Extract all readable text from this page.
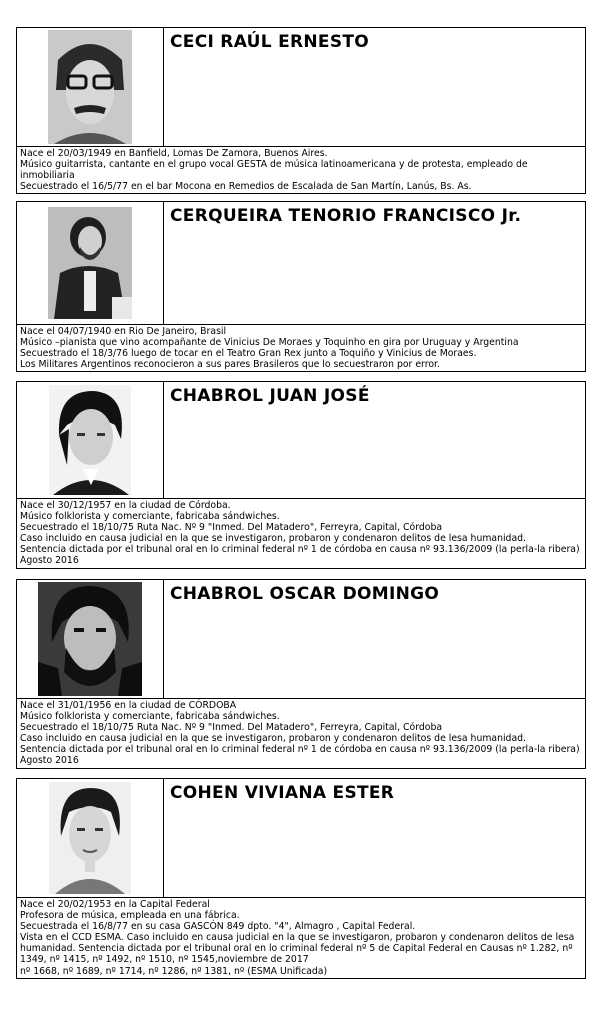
CECI RAÚL ERNESTO
Nace el 20/03/1949 en Banfield, Lomas De Zamora, Buenos Aires.
Músico guitarrista, cantante en el grupo vocal GESTA de música latinoamericana y de protesta, empleado de inmobiliaria
Secuestrado el 16/5/77 en el bar Mocona en Remedios de Escalada de San Martín, Lanús, Bs. As.
CERQUEIRA TENORIO FRANCISCO Jr.
Nace el 04/07/1940 en Rio De Janeiro, Brasil
Músico –pianista que vino acompañante de Vinicius De Moraes y Toquinho en gira por Uruguay y Argentina
Secuestrado el 18/3/76 luego de tocar en el Teatro Gran Rex junto a Toquiño y Vinicius de Moraes.
Los Militares Argentinos reconocieron a sus pares Brasileros que lo secuestraron por error.
CHABROL JUAN JOSÉ
Nace el 30/12/1957 en la ciudad de Córdoba.
Músico folklorista y comerciante, fabricaba sándwiches.
Secuestrado el 18/10/75 Ruta Nac. Nº 9 "Inmed. Del Matadero", Ferreyra, Capital, Córdoba
Caso incluido en causa judicial en la que se investigaron, probaron y condenaron delitos de lesa humanidad.
Sentencia dictada por el tribunal oral en lo criminal federal nº 1 de córdoba en causa nº 93.136/2009 (la perla-la ribera) Agosto 2016
CHABROL OSCAR DOMINGO
Nace el 31/01/1956 en la ciudad de CÓRDOBA
Músico folklorista y comerciante, fabricaba sándwiches.
Secuestrado el 18/10/75 Ruta Nac. Nº 9 "Inmed. Del Matadero", Ferreyra, Capital, Córdoba
Caso incluido en causa judicial en la que se investigaron, probaron y condenaron delitos de lesa humanidad.
Sentencia dictada por el tribunal oral en lo criminal federal nº 1 de córdoba en causa nº 93.136/2009 (la perla-la ribera) Agosto 2016
COHEN VIVIANA ESTER
Nace el 20/02/1953 en la Capital Federal
Profesora de música, empleada en una fábrica.
Secuestrada el 16/8/77 en su casa GASCÓN 849 dpto. "4", Almagro , Capital Federal.
Vista en el CCD ESMA. Caso incluido en causa judicial en la que se investigaron, probaron y condenaron delitos de lesa humanidad. Sentencia dictada por el tribunal oral en lo criminal federal nº 5 de Capital Federal en Causas nº 1.282, nº 1349, nº 1415, nº 1492, nº 1510, nº 1545,noviembre de 2017
nº 1668, nº 1689, nº 1714, nº 1286, nº 1381, nº (ESMA Unificada)
